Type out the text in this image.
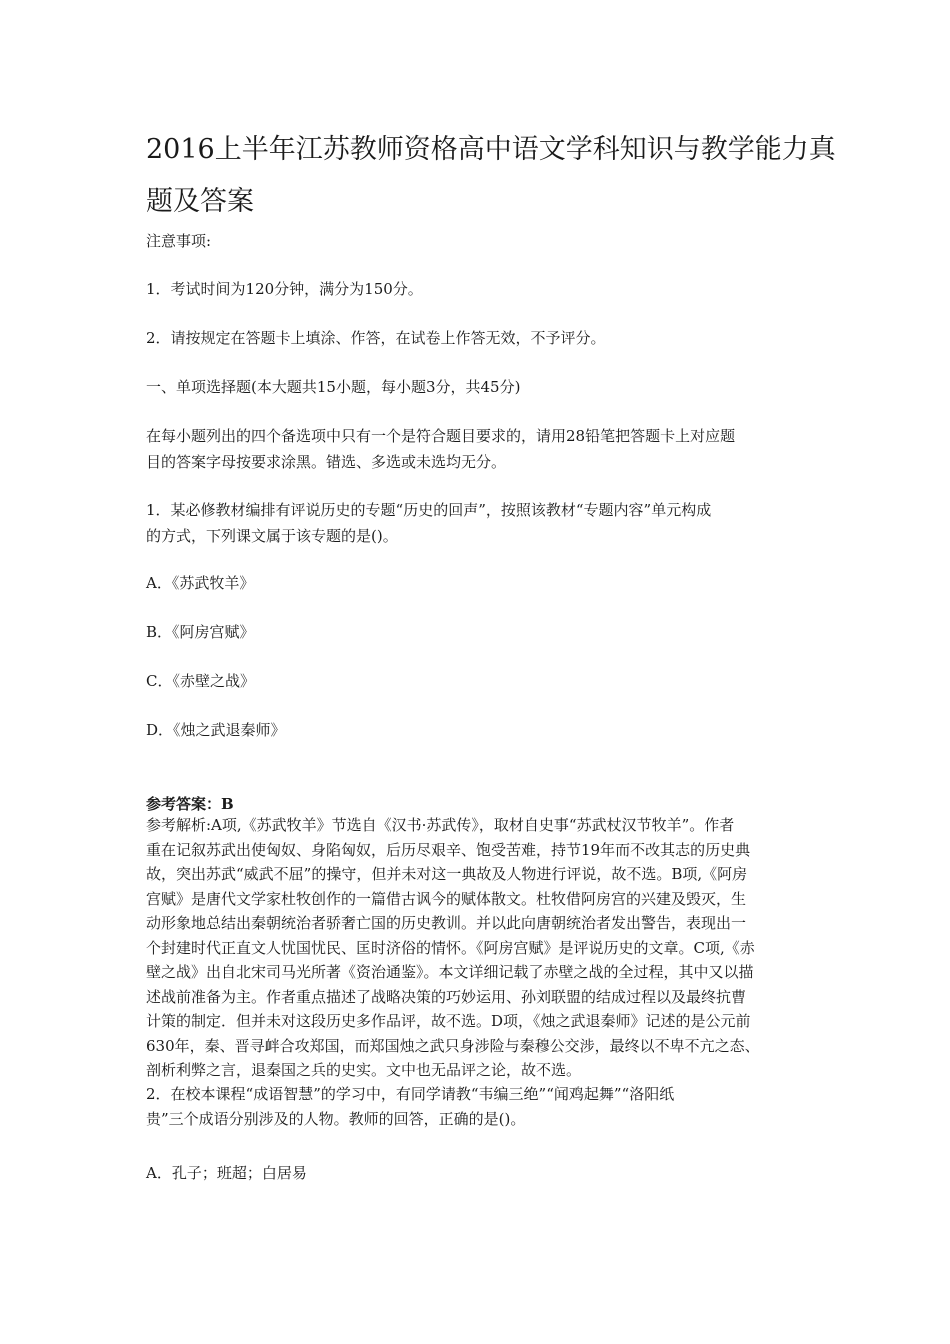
2016上半年江苏教师资格高中语文学科知识与教学能力真
题及答案

注意事项:

1．考试时间为120分钟，满分为150分。

2．请按规定在答题卡上填涂、作答，在试卷上作答无效，不予评分。

一、单项选择题(本大题共15小题，每小题3分，共45分)

在每小题列出的四个备选项中只有一个是符合题目要求的，请用28铅笔把答题卡上对应题
目的答案字母按要求涂黑。错选、多选或未选均无分。

1．某必修教材编排有评说历史的专题“历史的回声”，按照该教材“专题内容”单元构成
的方式，下列课文属于该专题的是()。

A．《苏武牧羊》

B．《阿房宫赋》

C．《赤壁之战》

D．《烛之武退秦师》

参考答案：B

参考解析:A项,《苏武牧羊》节选自《汉书·苏武传》，取材自史事“苏武杖汉节牧羊”。作者
重在记叙苏武出使匈奴、身陷匈奴，后历尽艰辛、饱受苦难，持节19年而不改其志的历史典
故，突出苏武“威武不屈”的操守，但并未对这一典故及人物进行评说，故不选。B项,《阿房
宫赋》是唐代文学家杜牧创作的一篇借古讽今的赋体散文。杜牧借阿房宫的兴建及毁灭，生
动形象地总结出秦朝统治者骄奢亡国的历史教训。并以此向唐朝统治者发出警告，表现出一
个封建时代正直文人忧国忧民、匡时济俗的情怀。《阿房宫赋》是评说历史的文章。C项,《赤
壁之战》出自北宋司马光所著《资治通鉴》。本文详细记载了赤壁之战的全过程，其中又以描
述战前准备为主。作者重点描述了战略决策的巧妙运用、孙刘联盟的结成过程以及最终抗曹
计策的制定．但并未对这段历史多作品评，故不选。D项，《烛之武退秦师》记述的是公元前
630年，秦、晋寻衅合攻郑国，而郑国烛之武只身涉险与秦穆公交涉，最终以不卑不亢之态、
剖析利弊之言，退秦国之兵的史实。文中也无品评之论，故不选。
2．在校本课程“成语智慧”的学习中，有同学请教“韦编三绝”“闻鸡起舞”“洛阳纸
贵”三个成语分别涉及的人物。教师的回答，正确的是()。

A．孔子；班超；白居易
